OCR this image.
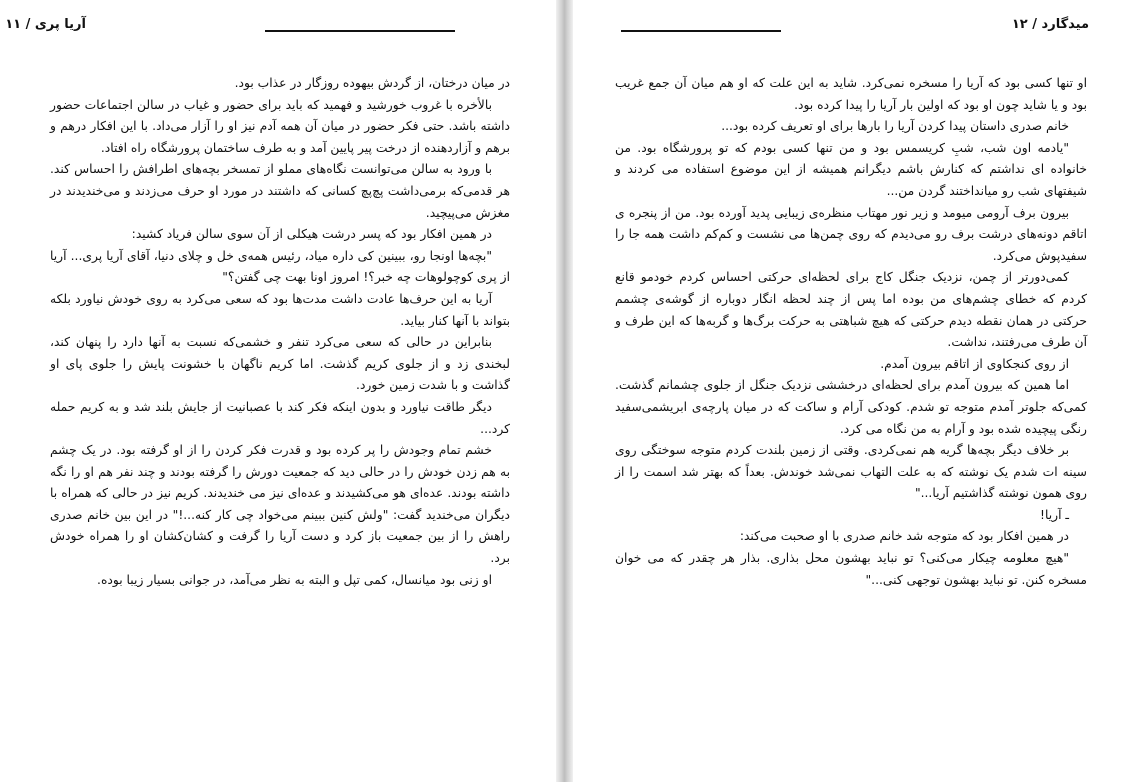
میدگارد / ۱۲

او تنها کسی بود که آریا را مسخره نمی‌کرد. شاید به این علت که او هم میان آن جمع غریب بود و یا شاید چون او بود که اولین بار آریا را پیدا کرده بود.

خانم صدری داستان پیدا کردن آریا را بارها برای او تعریف کرده بود...

"یادمه اون شب، شبِ کریسمس بود و من تنها کسی بودم که تو پرورشگاه بود. من خانواده ای نداشتم که کنارش باشم دیگرانم همیشه از این موضوع استفاده می کردند و شیفتهای شب رو میانداختند گردن من...

بیرون برف آرومی میومد و زیر نور مهتاب منظره‌ی زیبایی پدید آورده بود. من از پنجره ی اتاقم دونه‌های درشت برف رو می‌دیدم که روی چمن‌ها می نشست و کم‌کم داشت همه جا را سفیدپوش می‌کرد.

کمی‌دورتر از چمن، نزدیک جنگل کاج برای لحظه‌ای حرکتی احساس کردم خودمو قانع کردم که خطای چشم‌های من بوده اما پس از چند لحظه انگار دوباره از گوشه‌ی چشمم حرکتی در همان نقطه دیدم حرکتی که هیچ شباهتی به حرکت برگ‌ها و گربه‌ها که این طرف و آن طرف می‌رفتند، نداشت.

از روی کنجکاوی از اتاقم بیرون آمدم.

اما همین که بیرون آمدم برای لحظه‌ای درخششی نزدیک جنگل از جلوی چشمانم گذشت. کمی‌که جلوتر آمدم متوجه تو شدم. کودکی آرام و ساکت که در میان پارچه‌ی ابریشمی‌سفید رنگی پیچیده شده بود و آرام به من نگاه می کرد.

بر خلاف دیگر بچه‌ها گریه هم نمی‌کردی. وقتی از زمین بلندت کردم متوجه سوختگی روی سینه ات شدم یک نوشته که به علت التهاب نمی‌شد خوندش. بعداً که بهتر شد اسمت را از روی همون نوشته گذاشتیم آریا..."

ـ آریا!

در همین افکار بود که متوجه شد خانم صدری با او صحبت می‌کند:

"هیچ معلومه چیکار می‌کنی؟ تو نباید بهشون محل بذاری. بذار هر چقدر که می خوان مسخره کنن. تو نباید بهشون توجهی کنی..."

آریا پری / ۱۱

در میان درختان، از گردش بیهوده روزگار در عذاب بود.

بالأخره با غروب خورشید و فهمید که باید برای حضور و غیاب در سالن اجتماعات حضور داشته باشد. حتی فکر حضور در میان آن همه آدم نیز او را آزار می‌داد. با این افکار درهم و برهم و آزاردهنده از درخت پیر پایین آمد و به طرف ساختمان پرورشگاه راه افتاد.

با ورود به سالن می‌توانست نگاه‌های مملو از تمسخر بچه‌های اطرافش را احساس کند. هر قدمی‌که برمی‌داشت پچ‌پچ کسانی که داشتند در مورد او حرف می‌زدند و می‌خندیدند در مغزش می‌پیچید.

در همین افکار بود که پسر درشت هیکلی از آن سوی سالن فریاد کشید:

"بچه‌ها اونجا رو، ببینین کی داره میاد، رئیس همه‌ی خل و چلای دنیا، آقای آریا پری... آریا از پری کوچولوهات چه خبر؟! امروز اونا بهت چی گفتن؟"

آریا به این حرف‌ها عادت داشت مدت‌ها بود که سعی می‌کرد به روی خودش نیاورد بلکه بتواند با آنها کنار بیاید.

بنابراین در حالی که سعی می‌کرد تنفر و خشمی‌که نسبت به آنها دارد را پنهان کند، لبخندی زد و از جلوی کریم گذشت. اما کریم ناگهان با خشونت پایش را جلوی پای او گذاشت و با شدت زمین خورد.

دیگر طاقت نیاورد و بدون اینکه فکر کند با عصبانیت از جایش بلند شد و به کریم حمله کرد...

خشم تمام وجودش را پر کرده بود و قدرت فکر کردن را از او گرفته بود. در یک چشم به هم زدن خودش را در حالی دید که جمعیت دورش را گرفته بودند و چند نفر هم او را نگه داشته بودند. عده‌ای هو می‌کشیدند و عده‌ای نیز می خندیدند. کریم نیز در حالی که همراه با دیگران می‌خندید گفت: "ولش کنین ببینم می‌خواد چی کار کنه...!" در این بین خانم صدری راهش را از بین جمعیت باز کرد و دست آریا را گرفت و کشان‌کشان او را همراه خودش برد.

او زنی بود میانسال، کمی تپل و البته به نظر می‌آمد، در جوانی بسیار زیبا بوده.
